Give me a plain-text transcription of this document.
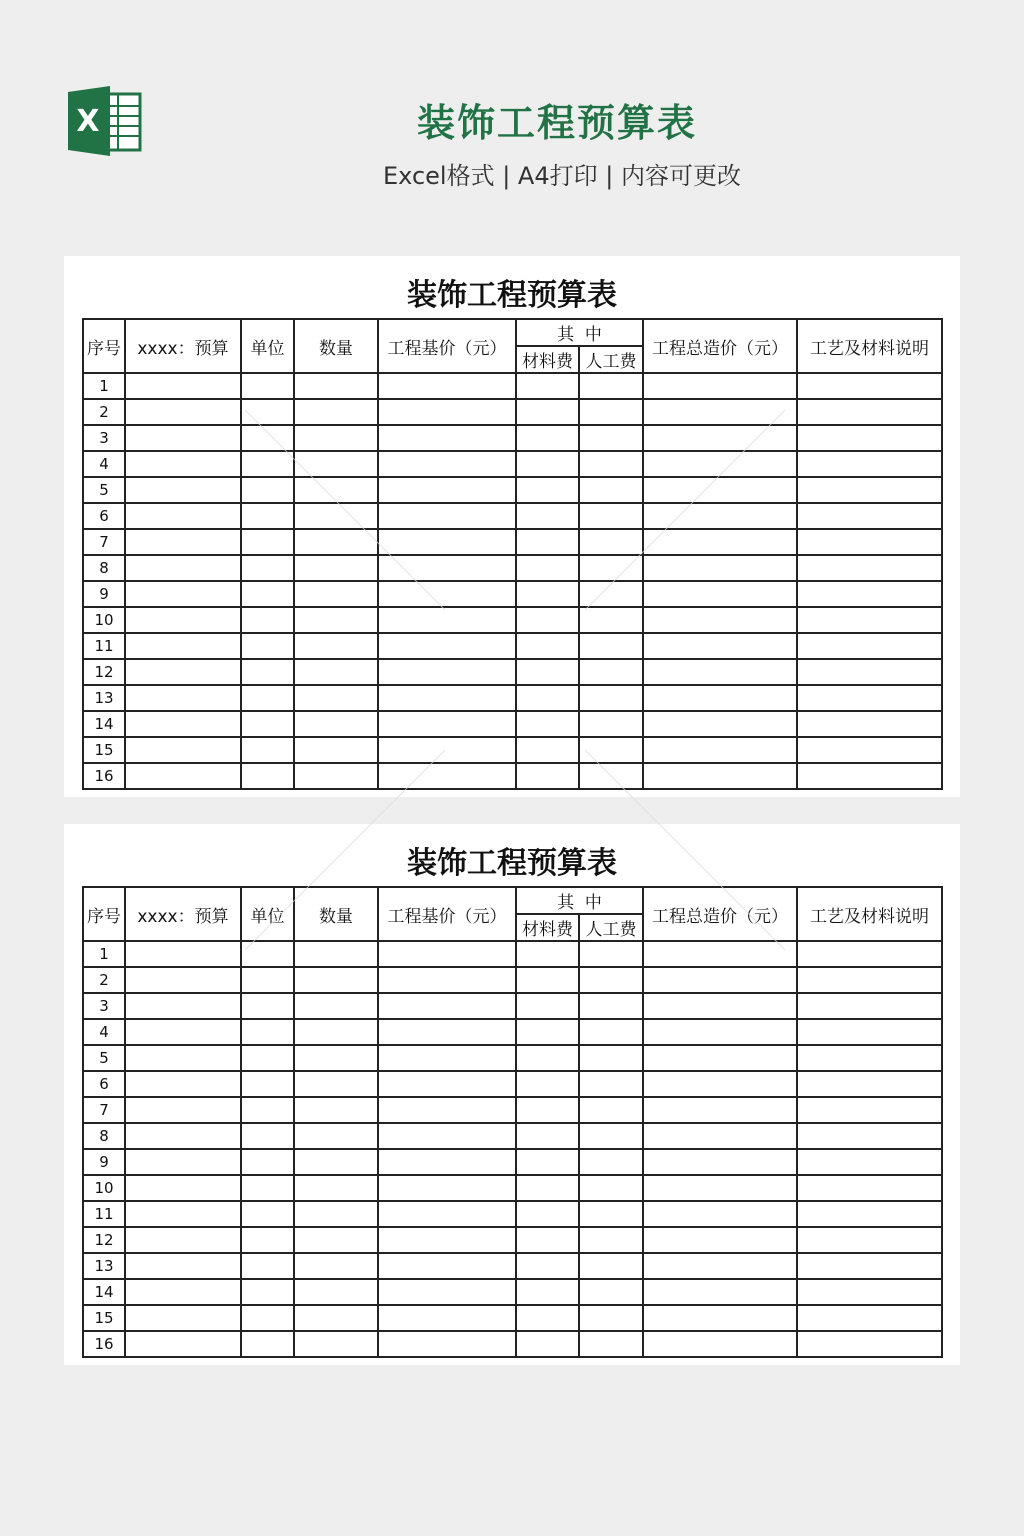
X	装饰工程预算表
Excel格式 | A4打印 | 内容可更改
装饰工程预算表
序号	xxxx：预算	单位	数量	工程基价（元）	其  中		工程总造价（元）	工艺及材料说明
					材料费	人工费		
1								
2								
3								
4								
5								
6								
7								
8								
9								
10								
11								
12								
13								
14								
15								
16								
装饰工程预算表
序号	xxxx：预算	单位	数量	工程基价（元）	其  中		工程总造价（元）	工艺及材料说明
					材料费	人工费		
1								
2								
3								
4								
5								
6								
7								
8								
9								
10								
11								
12								
13								
14								
15								
16								
